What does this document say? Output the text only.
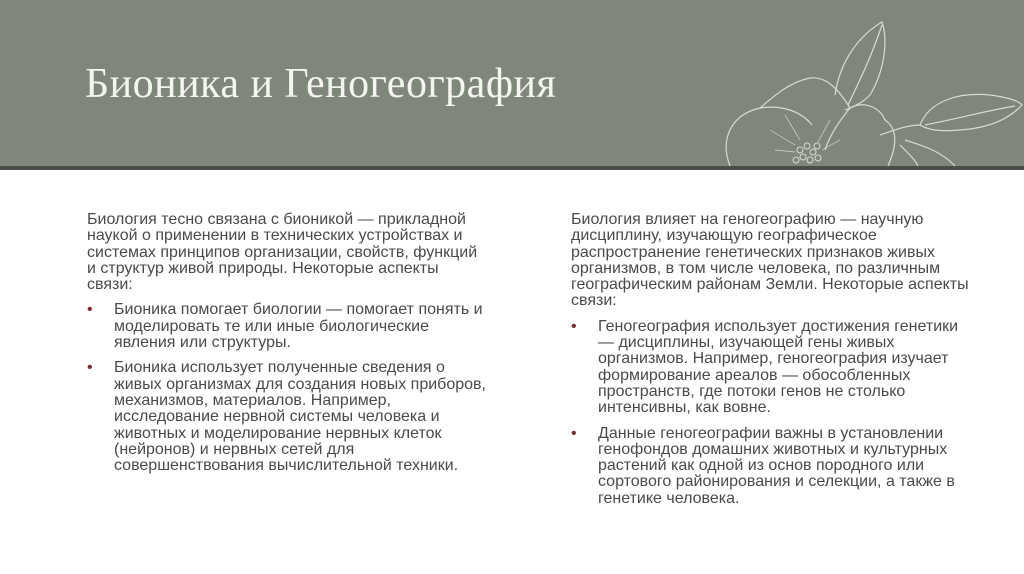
Бионика и Геногеография

Биология тесно связана с бионикой — прикладной наукой о применении в технических устройствах и системах принципов организации, свойств, функций и структур живой природы. Некоторые аспекты связи:

• Бионика помогает биологии — помогает понять и моделировать те или иные биологические явления или структуры.
• Бионика использует полученные сведения о живых организмах для создания новых приборов, механизмов, материалов. Например, исследование нервной системы человека и животных и моделирование нервных клеток (нейронов) и нервных сетей для совершенствования вычислительной техники.

Биология влияет на геногеографию — научную дисциплину, изучающую географическое распространение генетических признаков живых организмов, в том числе человека, по различным географическим районам Земли. Некоторые аспекты связи:

• Геногеография использует достижения генетики — дисциплины, изучающей гены живых организмов. Например, геногеография изучает формирование ареалов — обособленных пространств, где потоки генов не столько интенсивны, как вовне.
• Данные геногеографии важны в установлении генофондов домашних животных и культурных растений как одной из основ породного или сортового районирования и селекции, а также в генетике человека.
